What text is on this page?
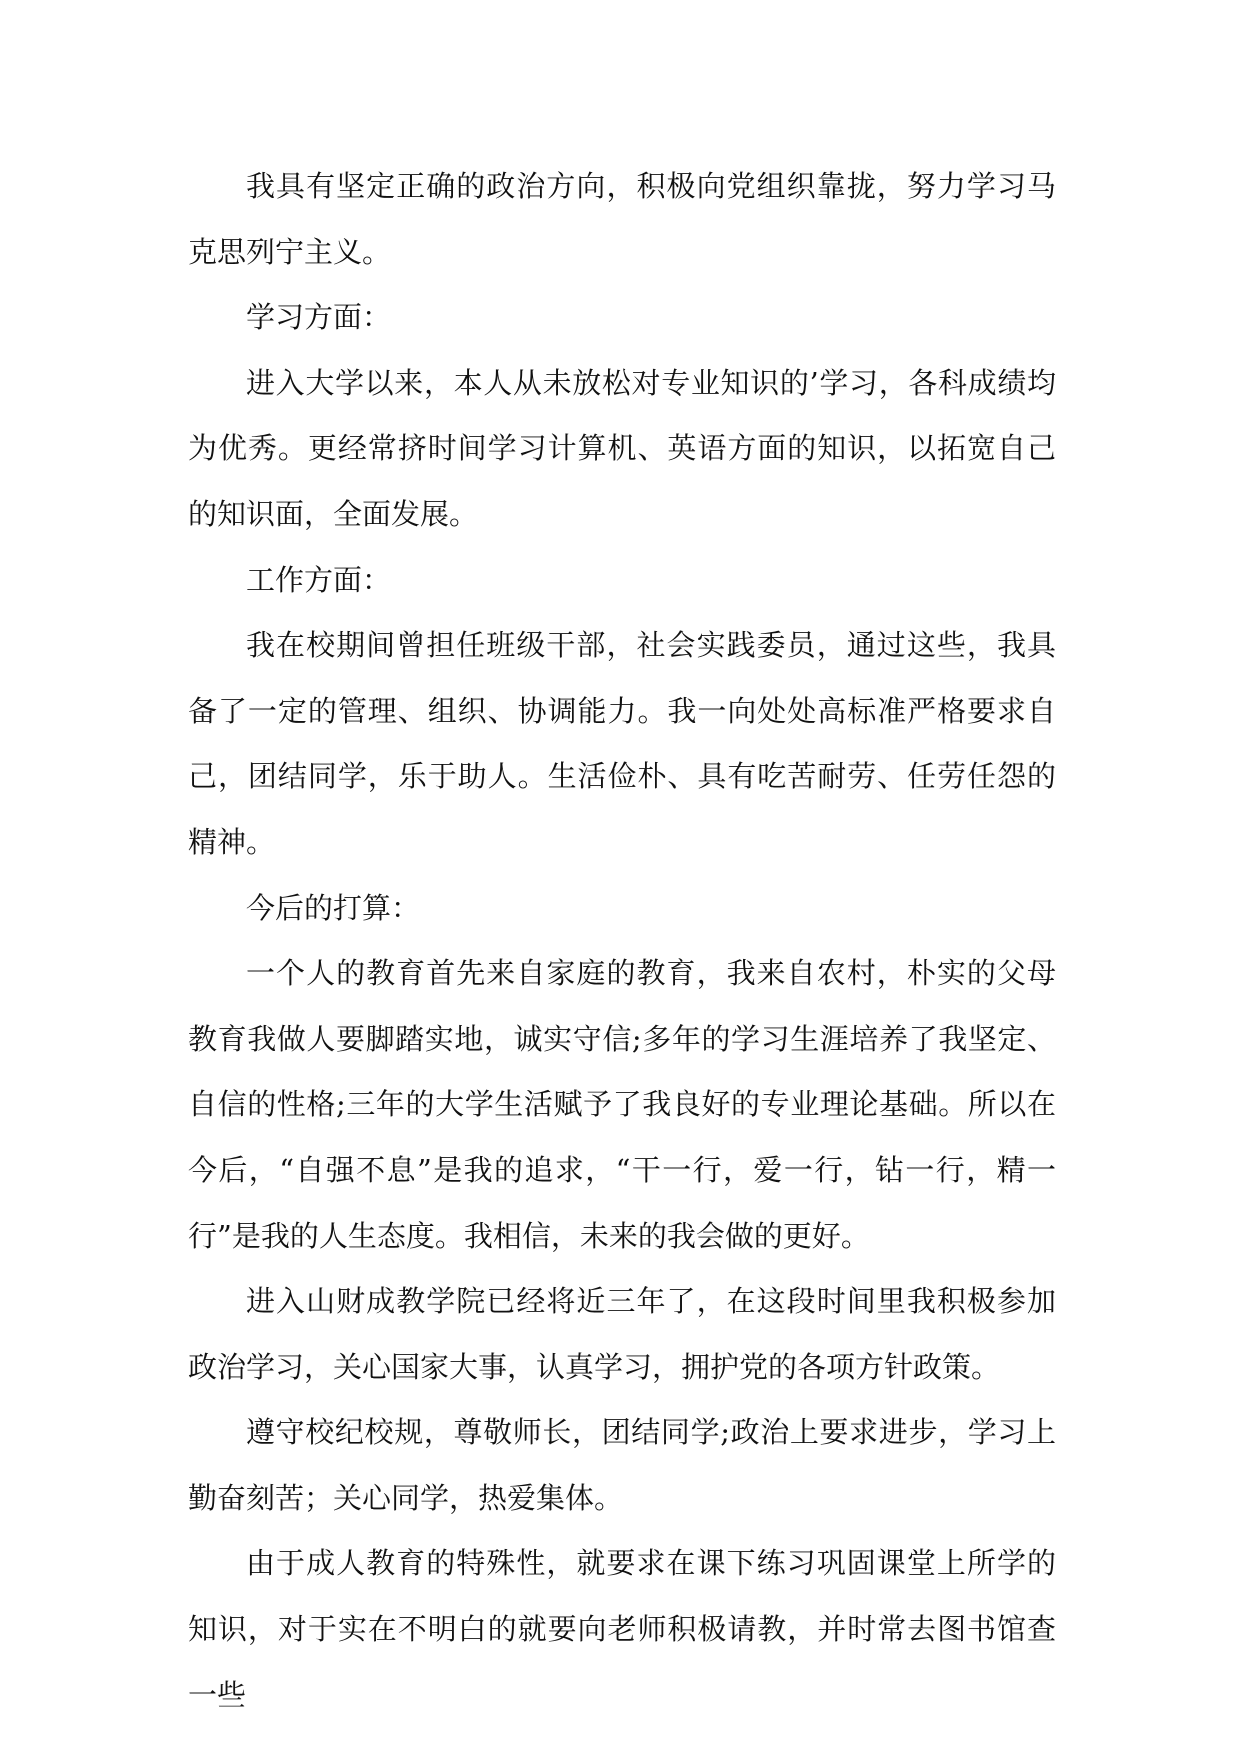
我具有坚定正确的政治方向，积极向党组织靠拢，努力学习马克思列宁主义。

学习方面：

进入大学以来，本人从未放松对专业知识的’学习，各科成绩均为优秀。更经常挤时间学习计算机、英语方面的知识，以拓宽自己的知识面，全面发展。

工作方面：

我在校期间曾担任班级干部，社会实践委员，通过这些，我具备了一定的管理、组织、协调能力。我一向处处高标准严格要求自己，团结同学，乐于助人。生活俭朴、具有吃苦耐劳、任劳任怨的精神。

今后的打算：

一个人的教育首先来自家庭的教育，我来自农村，朴实的父母教育我做人要脚踏实地，诚实守信;多年的学习生涯培养了我坚定、自信的性格;三年的大学生活赋予了我良好的专业理论基础。所以在今后，“自强不息”是我的追求，“干一行，爱一行，钻一行，精一行”是我的人生态度。我相信，未来的我会做的更好。

进入山财成教学院已经将近三年了，在这段时间里我积极参加政治学习，关心国家大事，认真学习，拥护党的各项方针政策。

遵守校纪校规，尊敬师长，团结同学;政治上要求进步，学习上勤奋刻苦；关心同学，热爱集体。

由于成人教育的特殊性，就要求在课下练习巩固课堂上所学的知识，对于实在不明白的就要向老师积极请教，并时常去图书馆查一些
